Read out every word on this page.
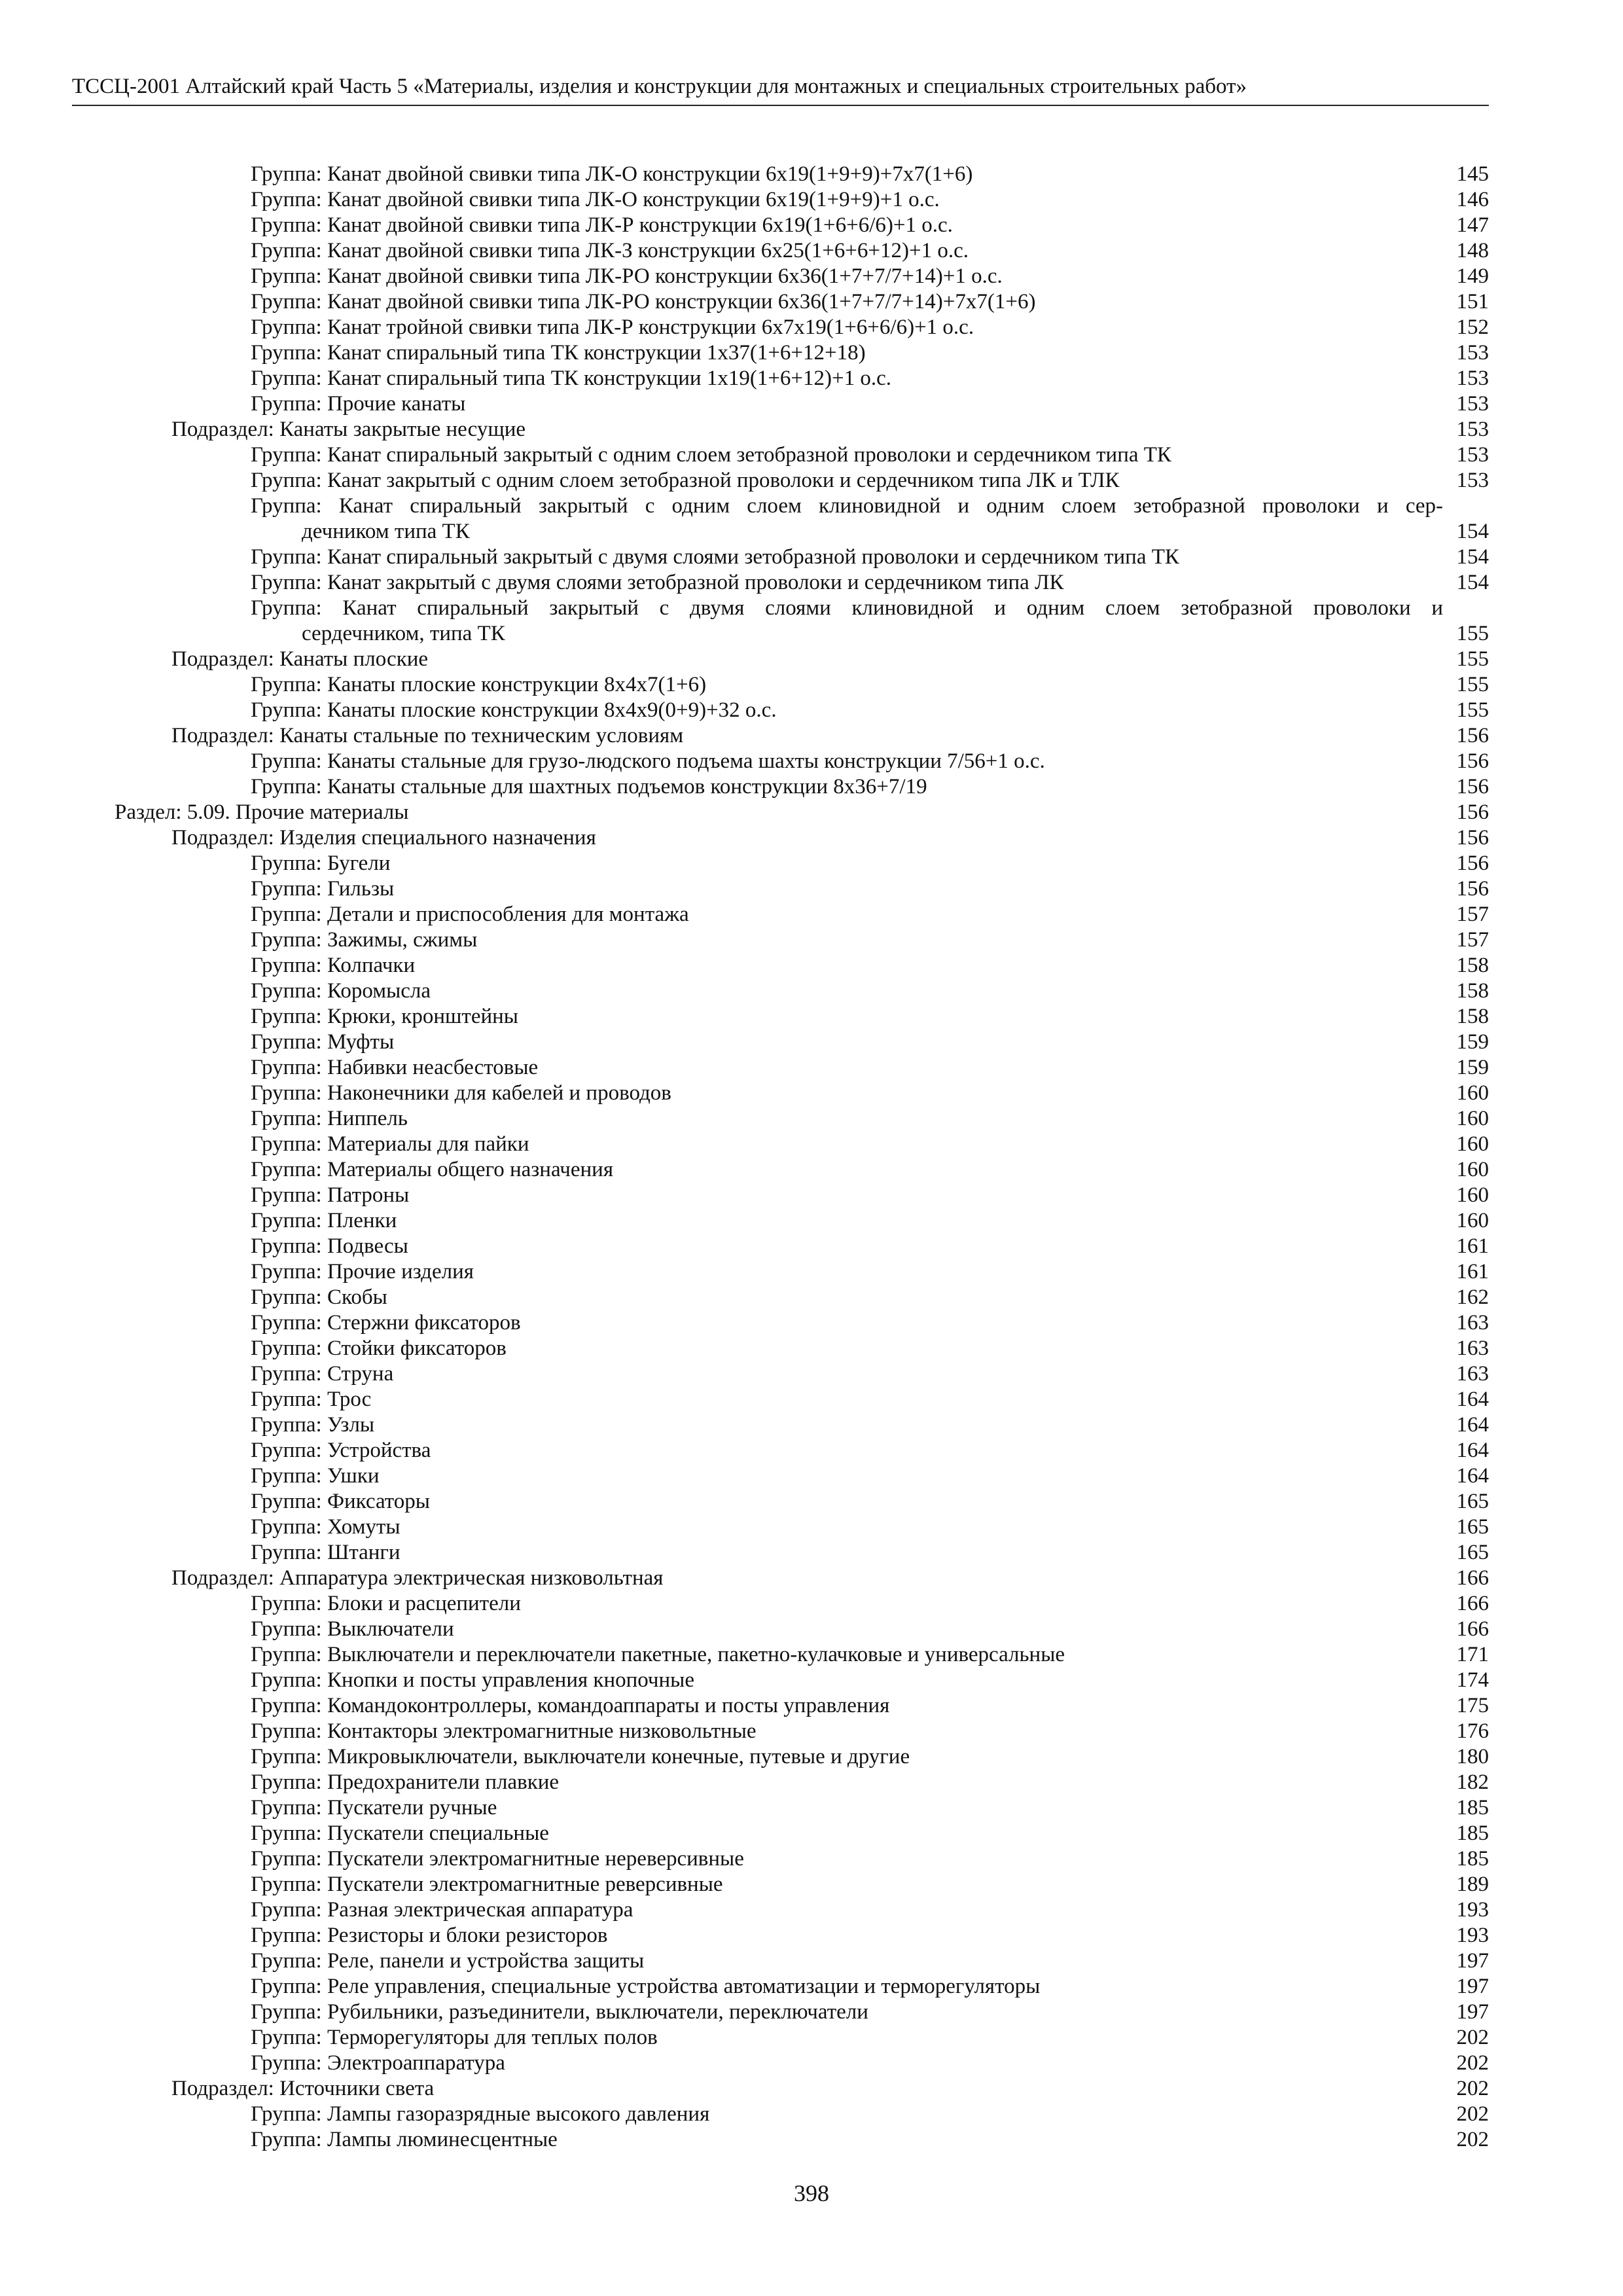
ТССЦ-2001 Алтайский край Часть 5 «Материалы, изделия и конструкции для монтажных и специальных строительных работ»
Группа: Канат двойной свивки типа ЛК-О конструкции 6х19(1+9+9)+7х7(1+6)	145
Группа: Канат двойной свивки типа ЛК-О конструкции 6х19(1+9+9)+1 о.с.	146
Группа: Канат двойной свивки типа ЛК-Р конструкции 6х19(1+6+6/6)+1 о.с.	147
Группа: Канат двойной свивки типа ЛК-З конструкции 6х25(1+6+6+12)+1 о.с.	148
Группа: Канат двойной свивки типа ЛК-РО конструкции 6х36(1+7+7/7+14)+1 о.с.	149
Группа: Канат двойной свивки типа ЛК-РО конструкции 6х36(1+7+7/7+14)+7х7(1+6)	151
Группа: Канат тройной свивки типа ЛК-Р конструкции 6х7х19(1+6+6/6)+1 о.с.	152
Группа: Канат спиральный типа ТК конструкции 1х37(1+6+12+18)	153
Группа: Канат спиральный типа ТК конструкции 1х19(1+6+12)+1 о.с.	153
Группа: Прочие канаты	153
Подраздел: Канаты закрытые несущие	153
Группа: Канат спиральный закрытый с одним слоем зетобразной проволоки и сердечником типа ТК	153
Группа: Канат закрытый с одним слоем зетобразной проволоки и сердечником типа ЛК и ТЛК	153
Группа: Канат спиральный закрытый с одним слоем клиновидной и одним слоем зетобразной проволоки и сер-
дечником типа ТК	154
Группа: Канат спиральный закрытый с двумя слоями зетобразной проволоки и сердечником типа ТК	154
Группа: Канат закрытый с двумя слоями зетобразной проволоки и сердечником типа ЛК	154
Группа: Канат спиральный закрытый с двумя слоями клиновидной и одним слоем зетобразной проволоки и
сердечником, типа ТК	155
Подраздел: Канаты плоские	155
Группа: Канаты плоские конструкции 8х4х7(1+6)	155
Группа: Канаты плоские конструкции 8х4х9(0+9)+32 о.с.	155
Подраздел: Канаты стальные по техническим условиям	156
Группа: Канаты стальные для грузо-людского подъема шахты конструкции 7/56+1 о.с.	156
Группа: Канаты стальные для шахтных подъемов конструкции 8х36+7/19	156
Раздел: 5.09. Прочие материалы	156
Подраздел: Изделия специального назначения	156
Группа: Бугели	156
Группа: Гильзы	156
Группа: Детали и приспособления для монтажа	157
Группа: Зажимы, сжимы	157
Группа: Колпачки	158
Группа: Коромысла	158
Группа: Крюки, кронштейны	158
Группа: Муфты	159
Группа: Набивки неасбестовые	159
Группа: Наконечники для кабелей и проводов	160
Группа: Ниппель	160
Группа: Материалы для пайки	160
Группа: Материалы общего назначения	160
Группа: Патроны	160
Группа: Пленки	160
Группа: Подвесы	161
Группа: Прочие изделия	161
Группа: Скобы	162
Группа: Стержни фиксаторов	163
Группа: Стойки фиксаторов	163
Группа: Струна	163
Группа: Трос	164
Группа: Узлы	164
Группа: Устройства	164
Группа: Ушки	164
Группа: Фиксаторы	165
Группа: Хомуты	165
Группа: Штанги	165
Подраздел: Аппаратура электрическая низковольтная	166
Группа: Блоки и расцепители	166
Группа: Выключатели	166
Группа: Выключатели и переключатели пакетные, пакетно-кулачковые и универсальные	171
Группа: Кнопки и посты управления кнопочные	174
Группа: Командоконтроллеры, командоаппараты и посты управления	175
Группа: Контакторы электромагнитные низковольтные	176
Группа: Микровыключатели, выключатели конечные, путевые и другие	180
Группа: Предохранители плавкие	182
Группа: Пускатели ручные	185
Группа: Пускатели специальные	185
Группа: Пускатели электромагнитные нереверсивные	185
Группа: Пускатели электромагнитные реверсивные	189
Группа: Разная электрическая аппаратура	193
Группа: Резисторы и блоки резисторов	193
Группа: Реле, панели и устройства защиты	197
Группа: Реле управления, специальные устройства автоматизации и терморегуляторы	197
Группа: Рубильники, разъединители, выключатели, переключатели	197
Группа: Терморегуляторы для теплых полов	202
Группа: Электроаппаратура	202
Подраздел: Источники света	202
Группа: Лампы газоразрядные высокого давления	202
Группа: Лампы люминесцентные	202
398
